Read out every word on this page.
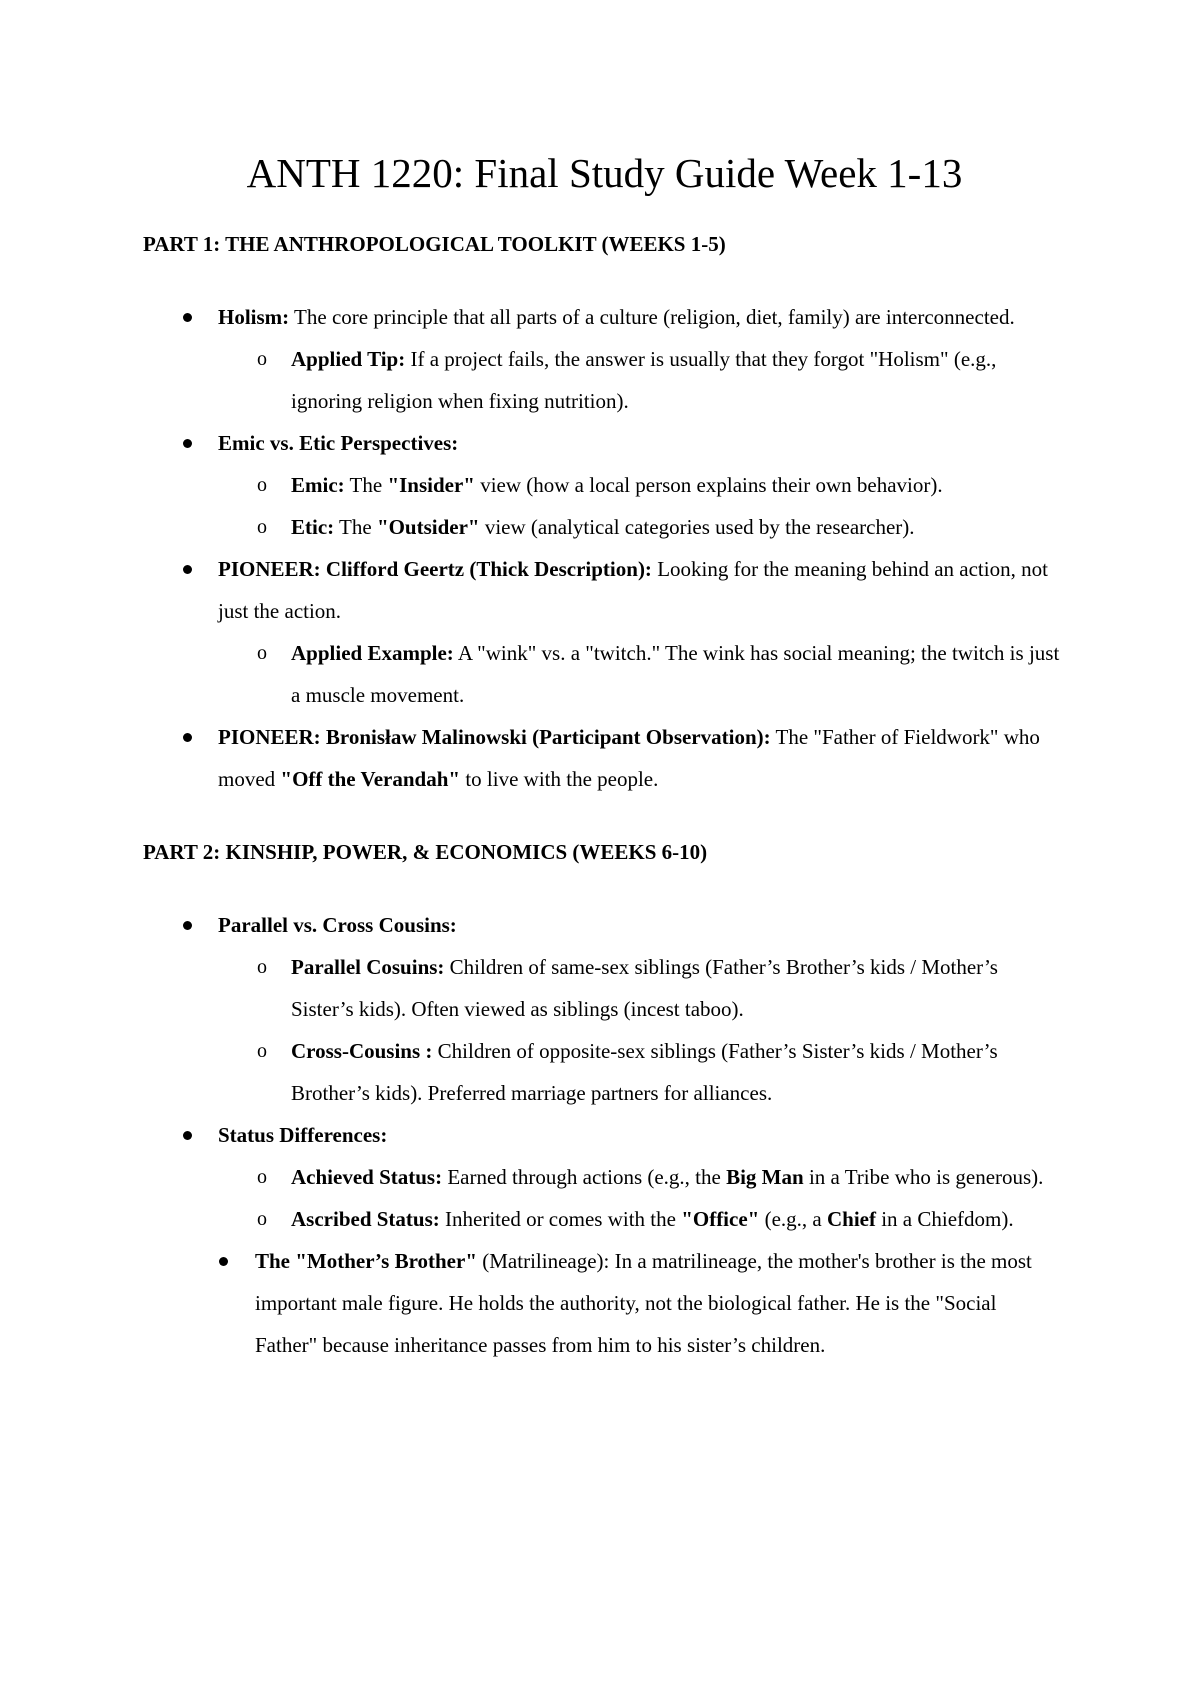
ANTH 1220: Final Study Guide Week 1-13
PART 1: THE ANTHROPOLOGICAL TOOLKIT (WEEKS 1-5)
Holism: The core principle that all parts of a culture (religion, diet, family) are interconnected.
o Applied Tip: If a project fails, the answer is usually that they forgot "Holism" (e.g., ignoring religion when fixing nutrition).
Emic vs. Etic Perspectives:
o Emic: The "Insider" view (how a local person explains their own behavior).
o Etic: The "Outsider" view (analytical categories used by the researcher).
PIONEER: Clifford Geertz (Thick Description): Looking for the meaning behind an action, not just the action.
o Applied Example: A "wink" vs. a "twitch." The wink has social meaning; the twitch is just a muscle movement.
PIONEER: Bronisław Malinowski (Participant Observation): The "Father of Fieldwork" who moved "Off the Verandah" to live with the people.
PART 2: KINSHIP, POWER, & ECONOMICS (WEEKS 6-10)
Parallel vs. Cross Cousins:
o Parallel Cosuins: Children of same-sex siblings (Father’s Brother’s kids / Mother’s Sister’s kids). Often viewed as siblings (incest taboo).
o Cross-Cousins : Children of opposite-sex siblings (Father’s Sister’s kids / Mother’s Brother’s kids). Preferred marriage partners for alliances.
Status Differences:
o Achieved Status: Earned through actions (e.g., the Big Man in a Tribe who is generous).
o Ascribed Status: Inherited or comes with the "Office" (e.g., a Chief in a Chiefdom).
The "Mother’s Brother" (Matrilineage): In a matrilineage, the mother's brother is the most important male figure. He holds the authority, not the biological father. He is the "Social Father" because inheritance passes from him to his sister’s children.
